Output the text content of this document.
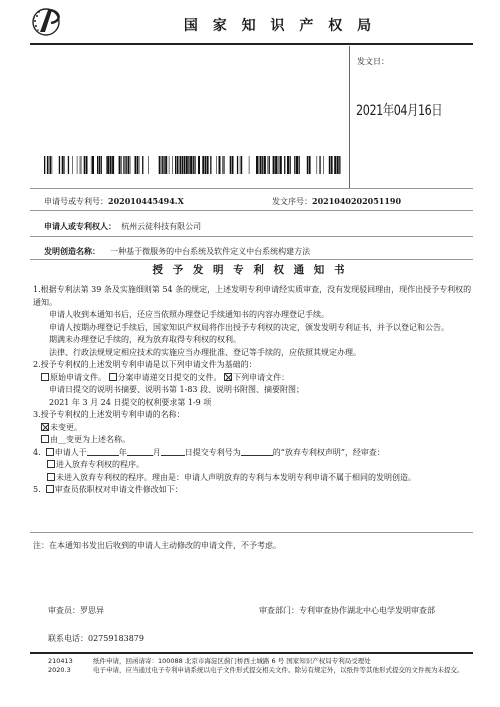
国 家 知 识 产 权 局
发文日：
2021年04月16日
申请号或专利号：202010445494.X	发文序号：2021040202051190
申请人或专利权人： 杭州云徒科技有限公司
发明创造名称： 一种基于微服务的中台系统及软件定义中台系统构建方法
授 予 发 明 专 利 权 通 知 书
1.根据专利法第 39 条及实施细则第 54 条的规定，上述发明专利申请经实质审查，没有发现驳回理由，现作出授予专利权的通知。
申请人收到本通知书后，还应当依照办理登记手续通知书的内容办理登记手续。
申请人按期办理登记手续后，国家知识产权局将作出授予专利权的决定，颁发发明专利证书，并予以登记和公告。
期满未办理登记手续的，视为放弃取得专利权的权利。
法律、行政法规规定相应技术的实施应当办理批准、登记等手续的，应依照其规定办理。
2.授予专利权的上述发明专利申请是以下列申请文件为基础的：
原始申请文件。 分案申请递交日提交的文件。 下列申请文件：
申请日提交的说明书摘要、说明书第 1-83 段、说明书附图、摘要附图；
2021 年 3 月 24 日提交的权利要求第 1-9 项
3.授予专利权的上述发明专利申请的名称：
未变更。
由__变更为上述名称。
4. 申请人于	年	月	日提交专利号为	的“放弃专利权声明”，经审查：
进入放弃专利权的程序。
未进入放弃专利权的程序。理由是：申请人声明放弃的专利与本发明专利申请不属于相同的发明创造。
5. 审查员依职权对申请文件修改如下：
注：在本通知书发出后收到的申请人主动修改的申请文件，不予考虑。
审查员：罗思异	审查部门：专利审查协作湖北中心电学发明审查部
联系电话：02759183879
210413	纸件申请，回函请寄：100088 北京市海淀区蓟门桥西土城路 6 号 国家知识产权局专利局受理处
2020.3	电子申请，应当通过电子专利申请系统以电子文件形式提交相关文件。除另有规定外，以纸件等其他形式提交的文件视为未提交。
